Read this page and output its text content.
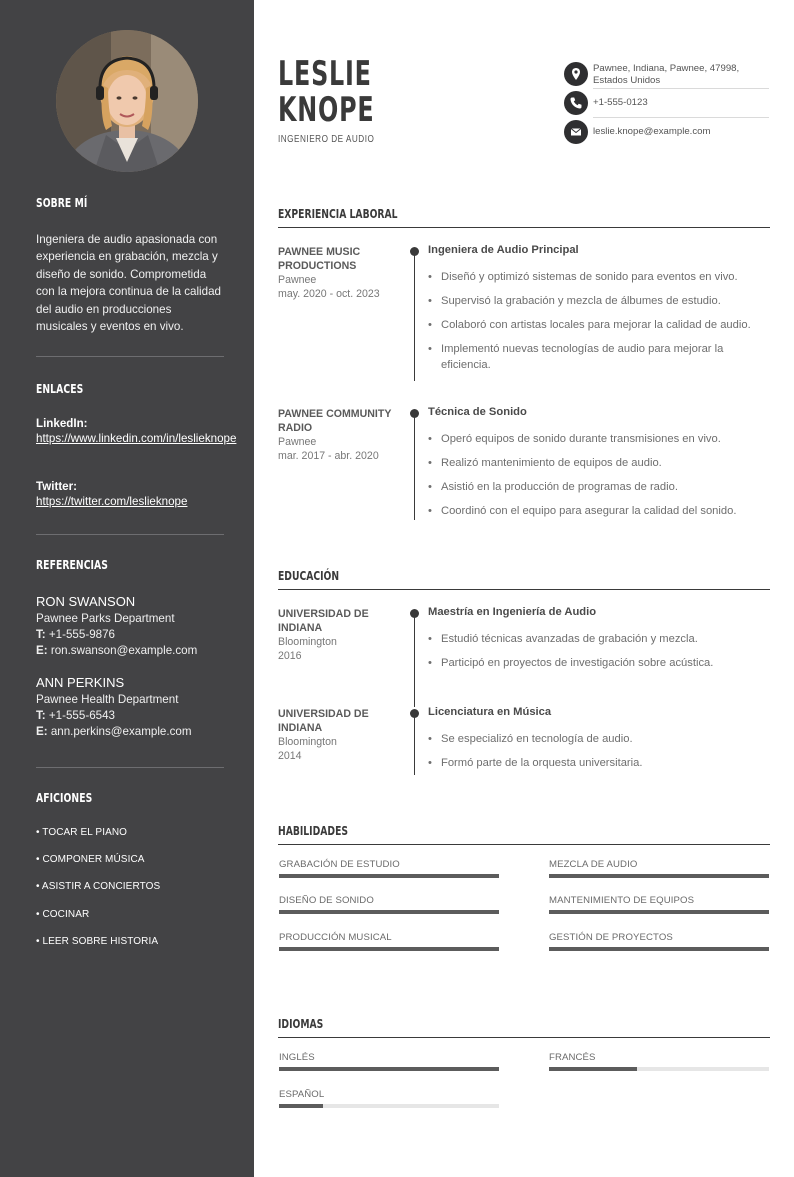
SOBRE MÍ
Ingeniera de audio apasionada con experiencia en grabación, mezcla y diseño de sonido. Comprometida con la mejora continua de la calidad del audio en producciones musicales y eventos en vivo.
ENLACES
LinkedIn:
https://www.linkedin.com/in/leslieknope
Twitter:
https://twitter.com/leslieknope
REFERENCIAS
RON SWANSON
Pawnee Parks Department
T: +1-555-9876
E: ron.swanson@example.com
ANN PERKINS
Pawnee Health Department
T: +1-555-6543
E: ann.perkins@example.com
AFICIONES
• TOCAR EL PIANO
• COMPONER MÚSICA
• ASISTIR A CONCIERTOS
• COCINAR
• LEER SOBRE HISTORIA
LESLIE
KNOPE
INGENIERO DE AUDIO
Pawnee, Indiana, Pawnee, 47998, Estados Unidos
+1-555-0123
leslie.knope@example.com
EXPERIENCIA LABORAL
PAWNEE MUSIC PRODUCTIONS
Pawnee
may. 2020 - oct. 2023
Ingeniera de Audio Principal
• Diseñó y optimizó sistemas de sonido para eventos en vivo.
• Supervisó la grabación y mezcla de álbumes de estudio.
• Colaboró con artistas locales para mejorar la calidad de audio.
• Implementó nuevas tecnologías de audio para mejorar la eficiencia.
PAWNEE COMMUNITY RADIO
Pawnee
mar. 2017 - abr. 2020
Técnica de Sonido
• Operó equipos de sonido durante transmisiones en vivo.
• Realizó mantenimiento de equipos de audio.
• Asistió en la producción de programas de radio.
• Coordinó con el equipo para asegurar la calidad del sonido.
EDUCACIÓN
UNIVERSIDAD DE INDIANA
Bloomington
2016
Maestría en Ingeniería de Audio
• Estudió técnicas avanzadas de grabación y mezcla.
• Participó en proyectos de investigación sobre acústica.
UNIVERSIDAD DE INDIANA
Bloomington
2014
Licenciatura en Música
• Se especializó en tecnología de audio.
• Formó parte de la orquesta universitaria.
HABILIDADES
GRABACIÓN DE ESTUDIO	MEZCLA DE AUDIO
DISEÑO DE SONIDO	MANTENIMIENTO DE EQUIPOS
PRODUCCIÓN MUSICAL	GESTIÓN DE PROYECTOS
IDIOMAS
INGLÉS	FRANCÉS
ESPAÑOL
